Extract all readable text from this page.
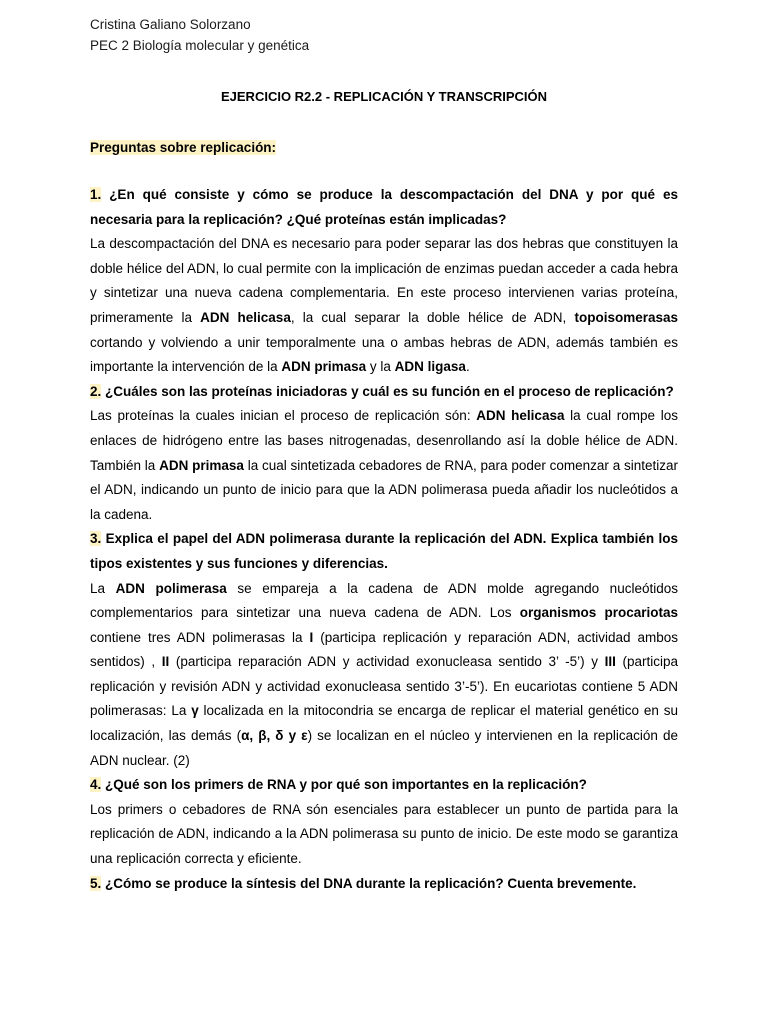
Cristina Galiano Solorzano

PEC 2 Biología molecular y genética

EJERCICIO R2.2 - REPLICACIÓN Y TRANSCRIPCIÓN

Preguntas sobre replicación:

1. ¿En qué consiste y cómo se produce la descompactación del DNA y por qué es necesaria para la replicación? ¿Qué proteínas están implicadas?

La descompactación del DNA es necesario para poder separar las dos hebras que constituyen la doble hélice del ADN, lo cual permite con la implicación de enzimas puedan acceder a cada hebra y sintetizar una nueva cadena complementaria. En este proceso intervienen varias proteína, primeramente la ADN helicasa, la cual separar la doble hélice de ADN, topoisomerasas cortando y volviendo a unir temporalmente una o ambas hebras de ADN, además también es importante la intervención de la ADN primasa y la ADN ligasa.

2. ¿Cuáles son las proteínas iniciadoras y cuál es su función en el proceso de replicación?

Las proteínas la cuales inician el proceso de replicación són: ADN helicasa la cual rompe los enlaces de hidrógeno entre las bases nitrogenadas, desenrollando así la doble hélice de ADN. También la ADN primasa la cual sintetizada cebadores de RNA, para poder comenzar a sintetizar el ADN, indicando un punto de inicio para que la ADN polimerasa pueda añadir los nucleótidos a la cadena.

3. Explica el papel del ADN polimerasa durante la replicación del ADN. Explica también los tipos existentes y sus funciones y diferencias.

La ADN polimerasa se empareja a la cadena de ADN molde agregando nucleótidos complementarios para sintetizar una nueva cadena de ADN. Los organismos procariotas contiene tres ADN polimerasas la I (participa replicación y reparación ADN, actividad ambos sentidos) , II (participa reparación ADN y actividad exonucleasa sentido 3’ -5’) y III (participa replicación y revisión ADN y actividad exonucleasa sentido 3’-5’). En eucariotas contiene 5 ADN polimerasas: La γ localizada en la mitocondria se encarga de replicar el material genético en su localización, las demás (α, β, δ y ε) se localizan en el núcleo y intervienen en la replicación de ADN nuclear. (2)

4. ¿Qué son los primers de RNA y por qué son importantes en la replicación?

Los primers o cebadores de RNA són esenciales para establecer un punto de partida para la replicación de ADN, indicando a la ADN polimerasa su punto de inicio. De este modo se garantiza una replicación correcta y eficiente.

5. ¿Cómo se produce la síntesis del DNA durante la replicación? Cuenta brevemente.
